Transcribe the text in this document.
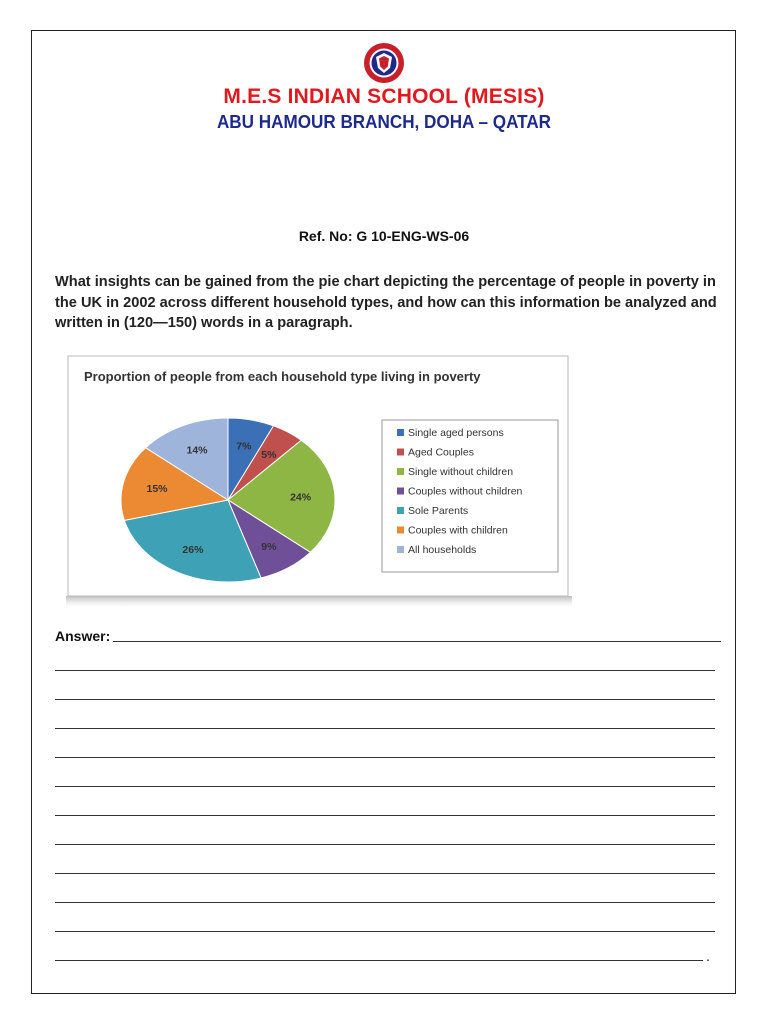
M.E.S INDIAN SCHOOL (MESIS)
ABU HAMOUR BRANCH, DOHA – QATAR
Ref. No: G 10-ENG-WS-06
What insights can be gained from the pie chart depicting the percentage of people in poverty in the UK in 2002 across different household types, and how can this information be analyzed and written in (120—150) words in a paragraph.
Proportion of people from each household type living in poverty
7%
5%
24%
9%
26%
15%
14%
Single aged persons
Aged Couples
Single without children
Couples without children
Sole Parents
Couples with children
All households
Answer:
.
